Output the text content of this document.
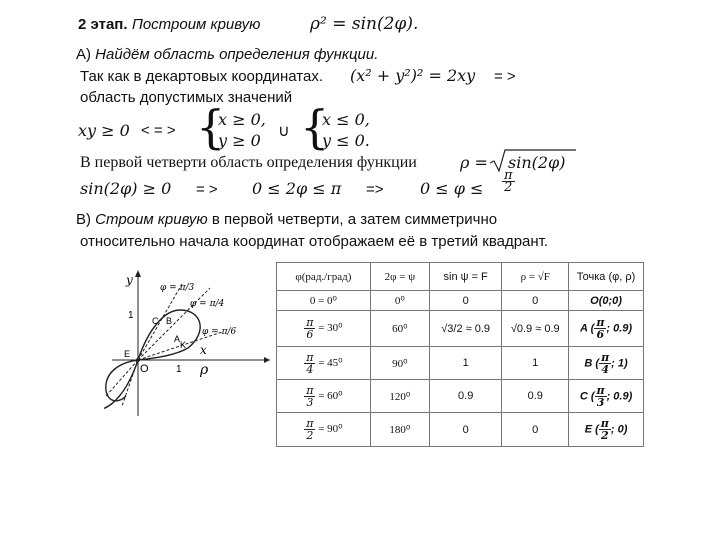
2 этап. Построим кривую	ρ² = sin(2φ).
А) Найдём область определения функции.
Так как в декартовых координатах. (x² + y²)² = 2xy = >
область допустимых значений
xy ≥ 0 < = > {
x ≥ 0,
y ≥ 0 ∪ {
x ≤ 0,
y ≤ 0.
В первой четверти область определения функции	ρ = sin(2φ)
sin(2φ) ≥ 0 = > $0 \le 2\varphi \le \pi => 0 \le \varphi \le \frac{\pi}{2}$
В) Строим кривую в первой четверти, а затем симметрично
относительно начала координат отображаем её в третий квадрант.
y
x
ρ
O	1
1
E
B
C
A
K
φ = π/3
φ = π/4
φ = π/6
φ(рад./град)	2φ = ψ	sin ψ = F	ρ = √F	Точка (φ, ρ)
0 = 0⁰	0⁰	0	0	O(0;0)

$\frac{\pi}{6} = 30^0$	60⁰	√3/2 ≈ 0.9	√0.9 ≈ 0.9	A ( $\frac{\pi}{6}$ ; 0.9)

$\frac{\pi}{4} = 45^0$	90⁰	1	1	B ( $\frac{\pi}{4}$ ; 1)

$\frac{\pi}{3} = 60^0$	120⁰	0.9	0.9	C ( $\frac{\pi}{3}$ ; 0.9)

$\frac{\pi}{2} = 90^0$	180⁰	0	0	E ( $\frac{\pi}{2}$ ; 0)
